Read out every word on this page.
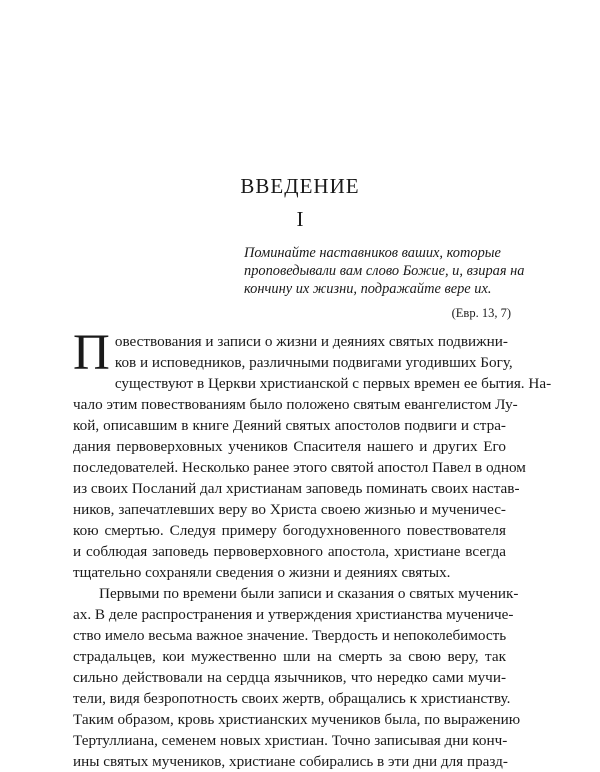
ВВЕДЕНИЕ
I
Поминайте наставников ваших, которые
проповедывали вам слово Божие, и, взирая на
кончину их жизни, подражайте вере их.
(Евр. 13, 7)
П овествования и записи о жизни и деяниях святых подвижни-
ков и исповедников, различными подвигами угодивших Богу,
существуют в Церкви христианской с первых времен ее бытия. На-
чало этим повествованиям было положено святым евангелистом Лу-
кой, описавшим в книге Деяний святых апостолов подвиги и стра-
дания первоверховных учеников Спасителя нашего и других Его
последователей. Несколько ранее этого святой апостол Павел в одном
из своих Посланий дал христианам заповедь поминать своих настав-
ников, запечатлевших веру во Христа своею жизнью и мученичес-
кою смертью. Следуя примеру богодухновенного повествователя
и соблюдая заповедь первоверховного апостола, христиане всегда
тщательно сохраняли сведения о жизни и деяниях святых.
Первыми по времени были записи и сказания о святых мученик-
ах. В деле распространения и утверждения христианства мучениче-
ство имело весьма важное значение. Твердость и непоколебимость
страдальцев, кои мужественно шли на смерть за свою веру, так
сильно действовали на сердца язычников, что нередко сами мучи-
тели, видя безропотность своих жертв, обращались к христианству.
Таким образом, кровь христианских мучеников была, по выражению
Тертуллиана, семенем новых христиан. Точно записывая дни конч-
ины святых мучеников, христиане собирались в эти дни для празд-
